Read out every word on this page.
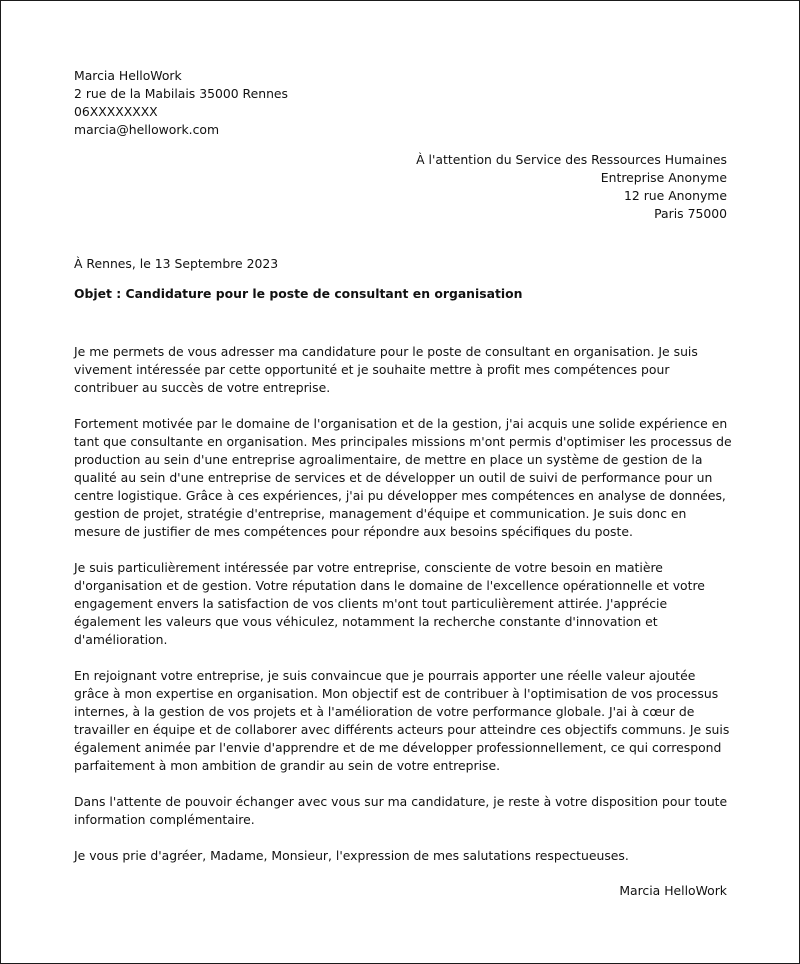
Marcia HelloWork
2 rue de la Mabilais 35000 Rennes
06XXXXXXXX
marcia@hellowork.com
À l'attention du Service des Ressources Humaines
Entreprise Anonyme
12 rue Anonyme
Paris 75000
À Rennes, le 13 Septembre 2023
Objet : Candidature pour le poste de consultant en organisation

Je me permets de vous adresser ma candidature pour le poste de consultant en organisation. Je suis vivement intéressée par cette opportunité et je souhaite mettre à profit mes compétences pour contribuer au succès de votre entreprise.

Fortement motivée par le domaine de l'organisation et de la gestion, j'ai acquis une solide expérience en tant que consultante en organisation. Mes principales missions m'ont permis d'optimiser les processus de production au sein d'une entreprise agroalimentaire, de mettre en place un système de gestion de la qualité au sein d'une entreprise de services et de développer un outil de suivi de performance pour un centre logistique. Grâce à ces expériences, j'ai pu développer mes compétences en analyse de données, gestion de projet, stratégie d'entreprise, management d'équipe et communication. Je suis donc en mesure de justifier de mes compétences pour répondre aux besoins spécifiques du poste.

Je suis particulièrement intéressée par votre entreprise, consciente de votre besoin en matière d'organisation et de gestion. Votre réputation dans le domaine de l'excellence opérationnelle et votre engagement envers la satisfaction de vos clients m'ont tout particulièrement attirée. J'apprécie également les valeurs que vous véhiculez, notamment la recherche constante d'innovation et d'amélioration.

En rejoignant votre entreprise, je suis convaincue que je pourrais apporter une réelle valeur ajoutée grâce à mon expertise en organisation. Mon objectif est de contribuer à l'optimisation de vos processus internes, à la gestion de vos projets et à l'amélioration de votre performance globale. J'ai à cœur de travailler en équipe et de collaborer avec différents acteurs pour atteindre ces objectifs communs. Je suis également animée par l'envie d'apprendre et de me développer professionnellement, ce qui correspond parfaitement à mon ambition de grandir au sein de votre entreprise.

Dans l'attente de pouvoir échanger avec vous sur ma candidature, je reste à votre disposition pour toute information complémentaire.

Je vous prie d'agréer, Madame, Monsieur, l'expression de mes salutations respectueuses.

Marcia HelloWork
